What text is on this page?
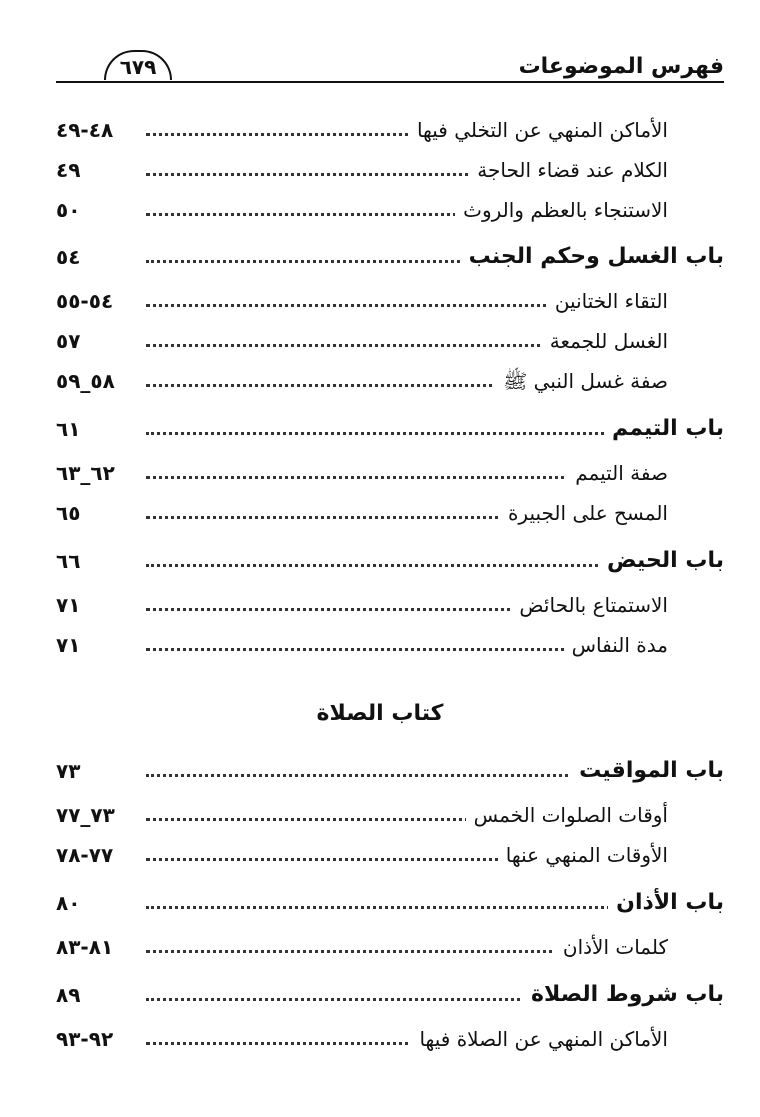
فهرس الموضوعات
٦٧٩
الأماكن المنهي عن التخلي فيها
٤٨-٤٩
الكلام عند قضاء الحاجة
٤٩
الاستنجاء بالعظم والروث
٥٠
باب الغسل وحكم الجنب
٥٤
التقاء الختانين
٥٤-٥٥
الغسل للجمعة
٥٧
صفة غسل النبي ﷺ
٥٨_٥٩
باب التيمم
٦١
صفة التيمم
٦٢_٦٣
المسح على الجبيرة
٦٥
باب الحيض
٦٦
الاستمتاع بالحائض
٧١
مدة النفاس
٧١
باب المواقيت
٧٣
أوقات الصلوات الخمس
٧٣_٧٧
الأوقات المنهي عنها
٧٧-٧٨
باب الأذان
٨٠
كلمات الأذان
٨١-٨٣
باب شروط الصلاة
٨٩
الأماكن المنهي عن الصلاة فيها
٩٢-٩٣
كتاب الصلاة
